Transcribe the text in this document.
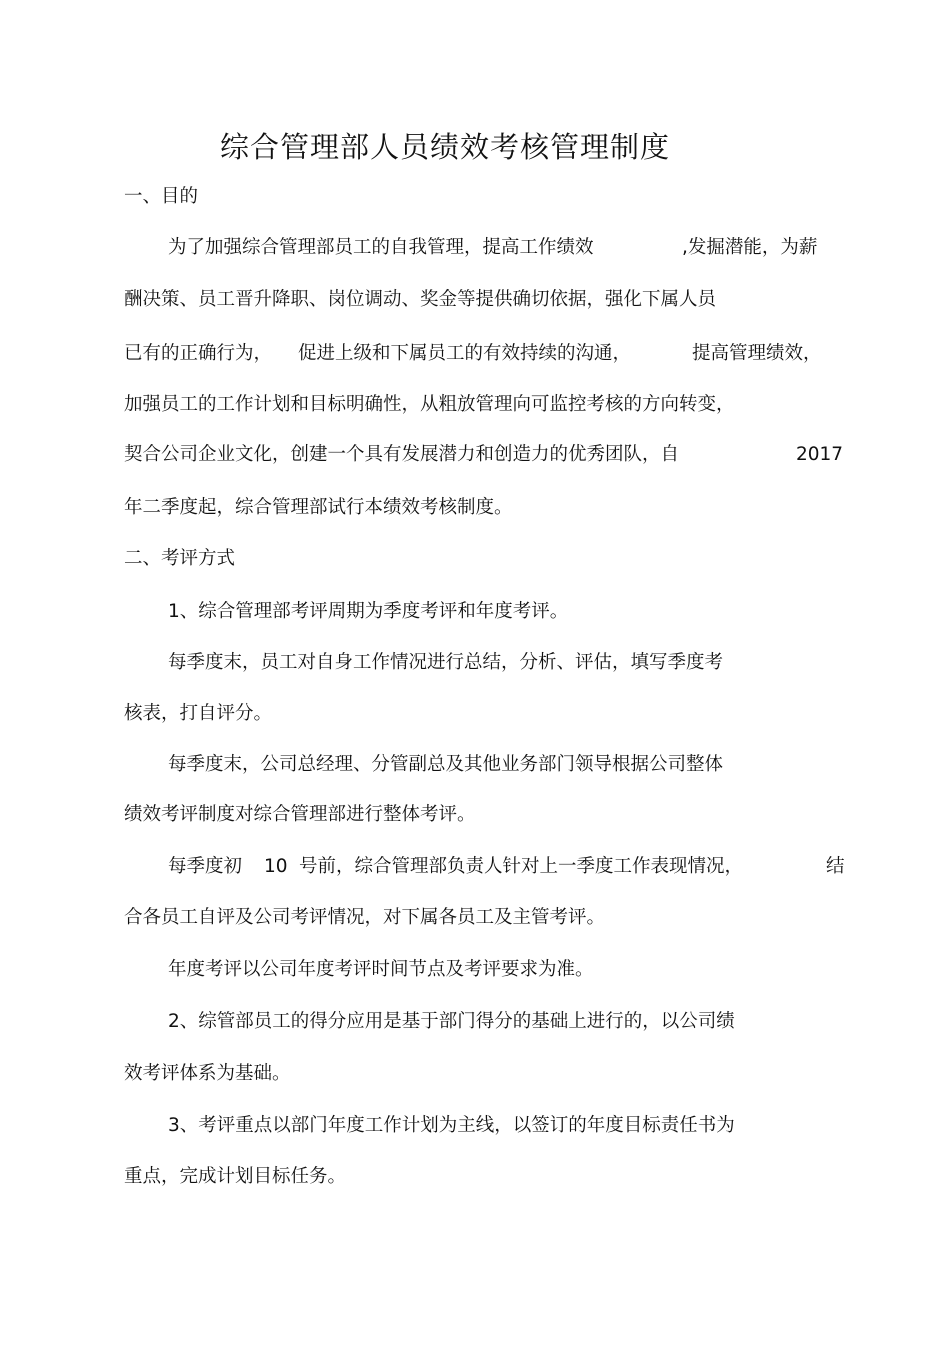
综合管理部人员绩效考核管理制度
一、目的
为了加强综合管理部员工的自我管理，提高工作绩效	,发掘潜能，为薪
酬决策、员工晋升降职、岗位调动、奖金等提供确切依据，强化下属人员
已有的正确行为， 促进上级和下属员工的有效持续的沟通，	提高管理绩效，
加强员工的工作计划和目标明确性，从粗放管理向可监控考核的方向转变，
契合公司企业文化，创建一个具有发展潜力和创造力的优秀团队，自	2017
年二季度起，综合管理部试行本绩效考核制度。
二、考评方式
1、综合管理部考评周期为季度考评和年度考评。
每季度末，员工对自身工作情况进行总结，分析、评估，填写季度考
核表，打自评分。
每季度末，公司总经理、分管副总及其他业务部门领导根据公司整体
绩效考评制度对综合管理部进行整体考评。
每季度初 10 号前，综合管理部负责人针对上一季度工作表现情况，	结
合各员工自评及公司考评情况，对下属各员工及主管考评。
年度考评以公司年度考评时间节点及考评要求为准。
2、综管部员工的得分应用是基于部门得分的基础上进行的，以公司绩
效考评体系为基础。
3、考评重点以部门年度工作计划为主线，以签订的年度目标责任书为
重点，完成计划目标任务。
